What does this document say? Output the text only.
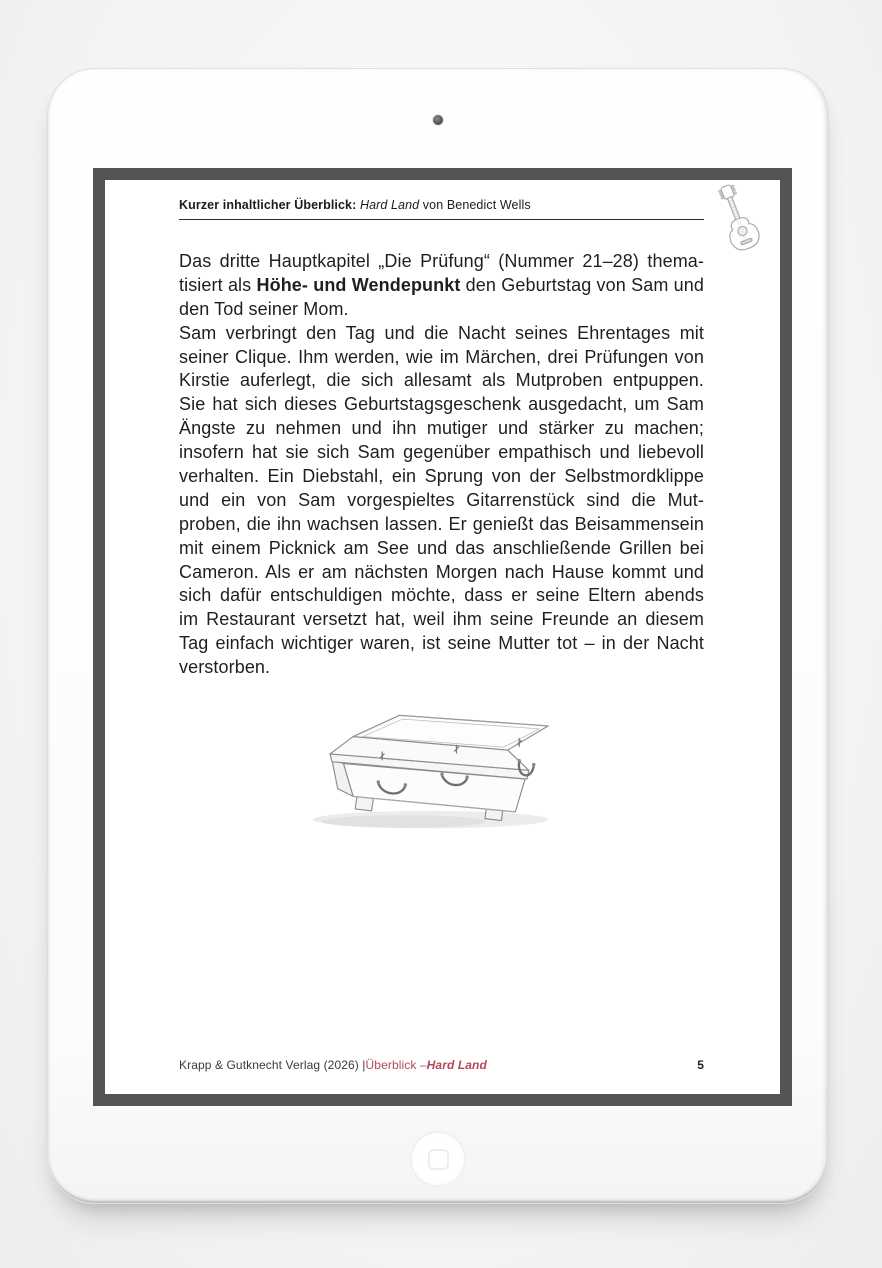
Kurzer inhaltlicher Überblick: Hard Land von Benedict Wells
Das dritte Hauptkapitel „Die Prüfung“ (Nummer 21–28) thema-
tisiert als Höhe- und Wendepunkt den Geburtstag von Sam und
den Tod seiner Mom.
Sam verbringt den Tag und die Nacht seines Ehrentages mit
seiner Clique. Ihm werden, wie im Märchen, drei Prüfungen von
Kirstie auferlegt, die sich allesamt als Mutproben entpuppen.
Sie hat sich dieses Geburtstagsgeschenk ausgedacht, um Sam
Ängste zu nehmen und ihn mutiger und stärker zu machen;
insofern hat sie sich Sam gegenüber empathisch und liebevoll
verhalten. Ein Diebstahl, ein Sprung von der Selbstmordklippe
und ein von Sam vorgespieltes Gitarrenstück sind die Mut-
proben, die ihn wachsen lassen. Er genießt das Beisammensein
mit einem Picknick am See und das anschließende Grillen bei
Cameron. Als er am nächsten Morgen nach Hause kommt und
sich dafür entschuldigen möchte, dass er seine Eltern abends
im Restaurant versetzt hat, weil ihm seine Freunde an diesem
Tag einfach wichtiger waren, ist seine Mutter tot – in der Nacht
verstorben.
Krapp & Gutknecht Verlag (2026) | Überblick – Hard Land	5
